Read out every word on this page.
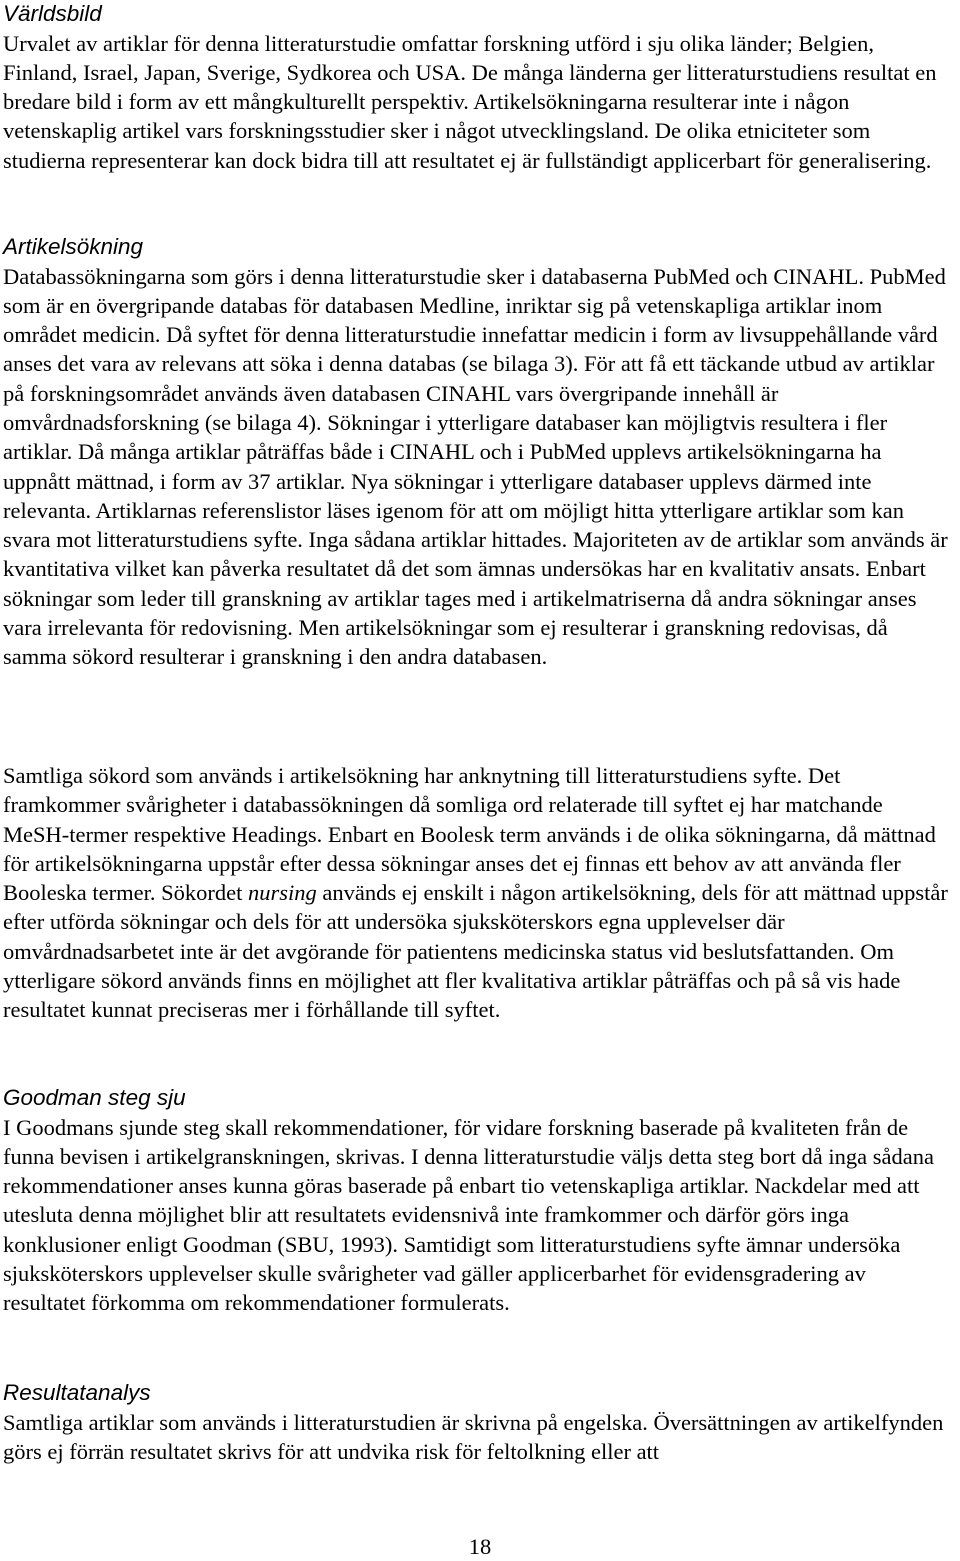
Världsbild

Urvalet av artiklar för denna litteraturstudie omfattar forskning utförd i sju olika länder; Belgien, Finland, Israel, Japan, Sverige, Sydkorea och USA. De många länderna ger litteraturstudiens resultat en bredare bild i form av ett mångkulturellt perspektiv. Artikelsökningarna resulterar inte i någon vetenskaplig artikel vars forskningsstudier sker i något utvecklingsland. De olika etniciteter som studierna representerar kan dock bidra till att resultatet ej är fullständigt applicerbart för generalisering.

Artikelsökning

Databassökningarna som görs i denna litteraturstudie sker i databaserna PubMed och CINAHL. PubMed som är en övergripande databas för databasen Medline, inriktar sig på vetenskapliga artiklar inom området medicin. Då syftet för denna litteraturstudie innefattar medicin i form av livsuppehållande vård anses det vara av relevans att söka i denna databas (se bilaga 3). För att få ett täckande utbud av artiklar på forskningsområdet används även databasen CINAHL vars övergripande innehåll är omvårdnadsforskning (se bilaga 4). Sökningar i ytterligare databaser kan möjligtvis resultera i fler artiklar. Då många artiklar påträffas både i CINAHL och i PubMed upplevs artikelsökningarna ha uppnått mättnad, i form av 37 artiklar. Nya sökningar i ytterligare databaser upplevs därmed inte relevanta. Artiklarnas referenslistor läses igenom för att om möjligt hitta ytterligare artiklar som kan svara mot litteraturstudiens syfte. Inga sådana artiklar hittades. Majoriteten av de artiklar som används är kvantitativa vilket kan påverka resultatet då det som ämnas undersökas har en kvalitativ ansats. Enbart sökningar som leder till granskning av artiklar tages med i artikelmatriserna då andra sökningar anses vara irrelevanta för redovisning. Men artikelsökningar som ej resulterar i granskning redovisas, då samma sökord resulterar i granskning i den andra databasen.

Samtliga sökord som används i artikelsökning har anknytning till litteraturstudiens syfte. Det framkommer svårigheter i databassökningen då somliga ord relaterade till syftet ej har matchande MeSH-termer respektive Headings. Enbart en Boolesk term används i de olika sökningarna, då mättnad för artikelsökningarna uppstår efter dessa sökningar anses det ej finnas ett behov av att använda fler Booleska termer. Sökordet nursing används ej enskilt i någon artikelsökning, dels för att mättnad uppstår efter utförda sökningar och dels för att undersöka sjuksköterskors egna upplevelser där omvårdnadsarbetet inte är det avgörande för patientens medicinska status vid beslutsfattanden. Om ytterligare sökord används finns en möjlighet att fler kvalitativa artiklar påträffas och på så vis hade resultatet kunnat preciseras mer i förhållande till syftet.

Goodman steg sju

I Goodmans sjunde steg skall rekommendationer, för vidare forskning baserade på kvaliteten från de funna bevisen i artikelgranskningen, skrivas. I denna litteraturstudie väljs detta steg bort då inga sådana rekommendationer anses kunna göras baserade på enbart tio vetenskapliga artiklar. Nackdelar med att utesluta denna möjlighet blir att resultatets evidensnivå inte framkommer och därför görs inga konklusioner enligt Goodman (SBU, 1993). Samtidigt som litteraturstudiens syfte ämnar undersöka sjuksköterskors upplevelser skulle svårigheter vad gäller applicerbarhet för evidensgradering av resultatet förkomma om rekommendationer formulerats.

Resultatanalys

Samtliga artiklar som används i litteraturstudien är skrivna på engelska. Översättningen av artikelfynden görs ej förrän resultatet skrivs för att undvika risk för feltolkning eller att

18
